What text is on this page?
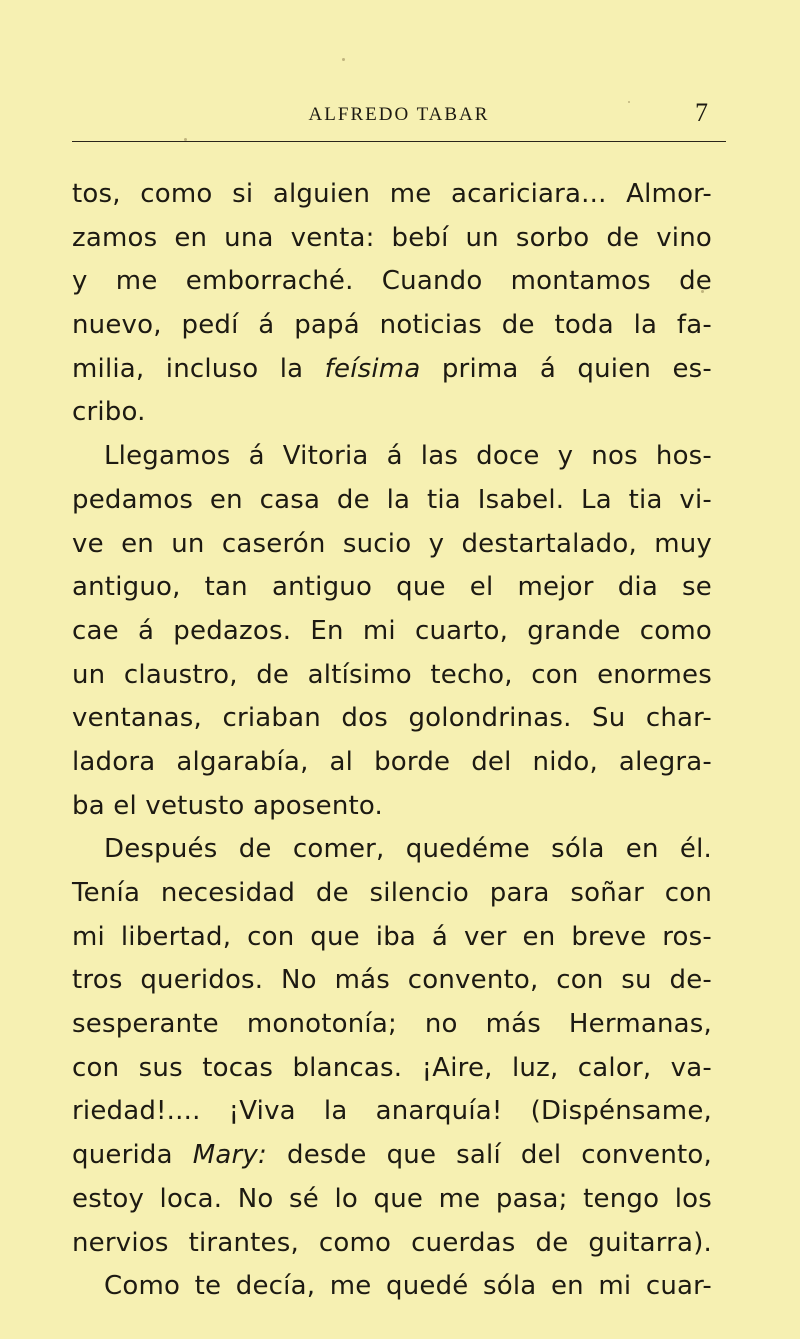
ALFREDO TABAR	7
tos, como si alguien me acariciara... Almor-
zamos en una venta: bebí un sorbo de vino
y me emborraché. Cuando montamos de
nuevo, pedí á papá noticias de toda la fa-
milia, incluso la feísima prima á quien es-
cribo.
Llegamos á Vitoria á las doce y nos hos-
pedamos en casa de la tia Isabel. La tia vi-
ve en un caserón sucio y destartalado, muy
antiguo, tan antiguo que el mejor dia se
cae á pedazos. En mi cuarto, grande como
un claustro, de altísimo techo, con enormes
ventanas, criaban dos golondrinas. Su char-
ladora algarabía, al borde del nido, alegra-
ba el vetusto aposento.
Después de comer, quedéme sóla en él.
Tenía necesidad de silencio para soñar con
mi libertad, con que iba á ver en breve ros-
tros queridos. No más convento, con su de-
sesperante monotonía; no más Hermanas,
con sus tocas blancas. ¡Aire, luz, calor, va-
riedad!.... ¡Viva la anarquía! (Dispénsame,
querida Mary: desde que salí del convento,
estoy loca. No sé lo que me pasa; tengo los
nervios tirantes, como cuerdas de guitarra).
Como te decía, me quedé sóla en mi cuar-
